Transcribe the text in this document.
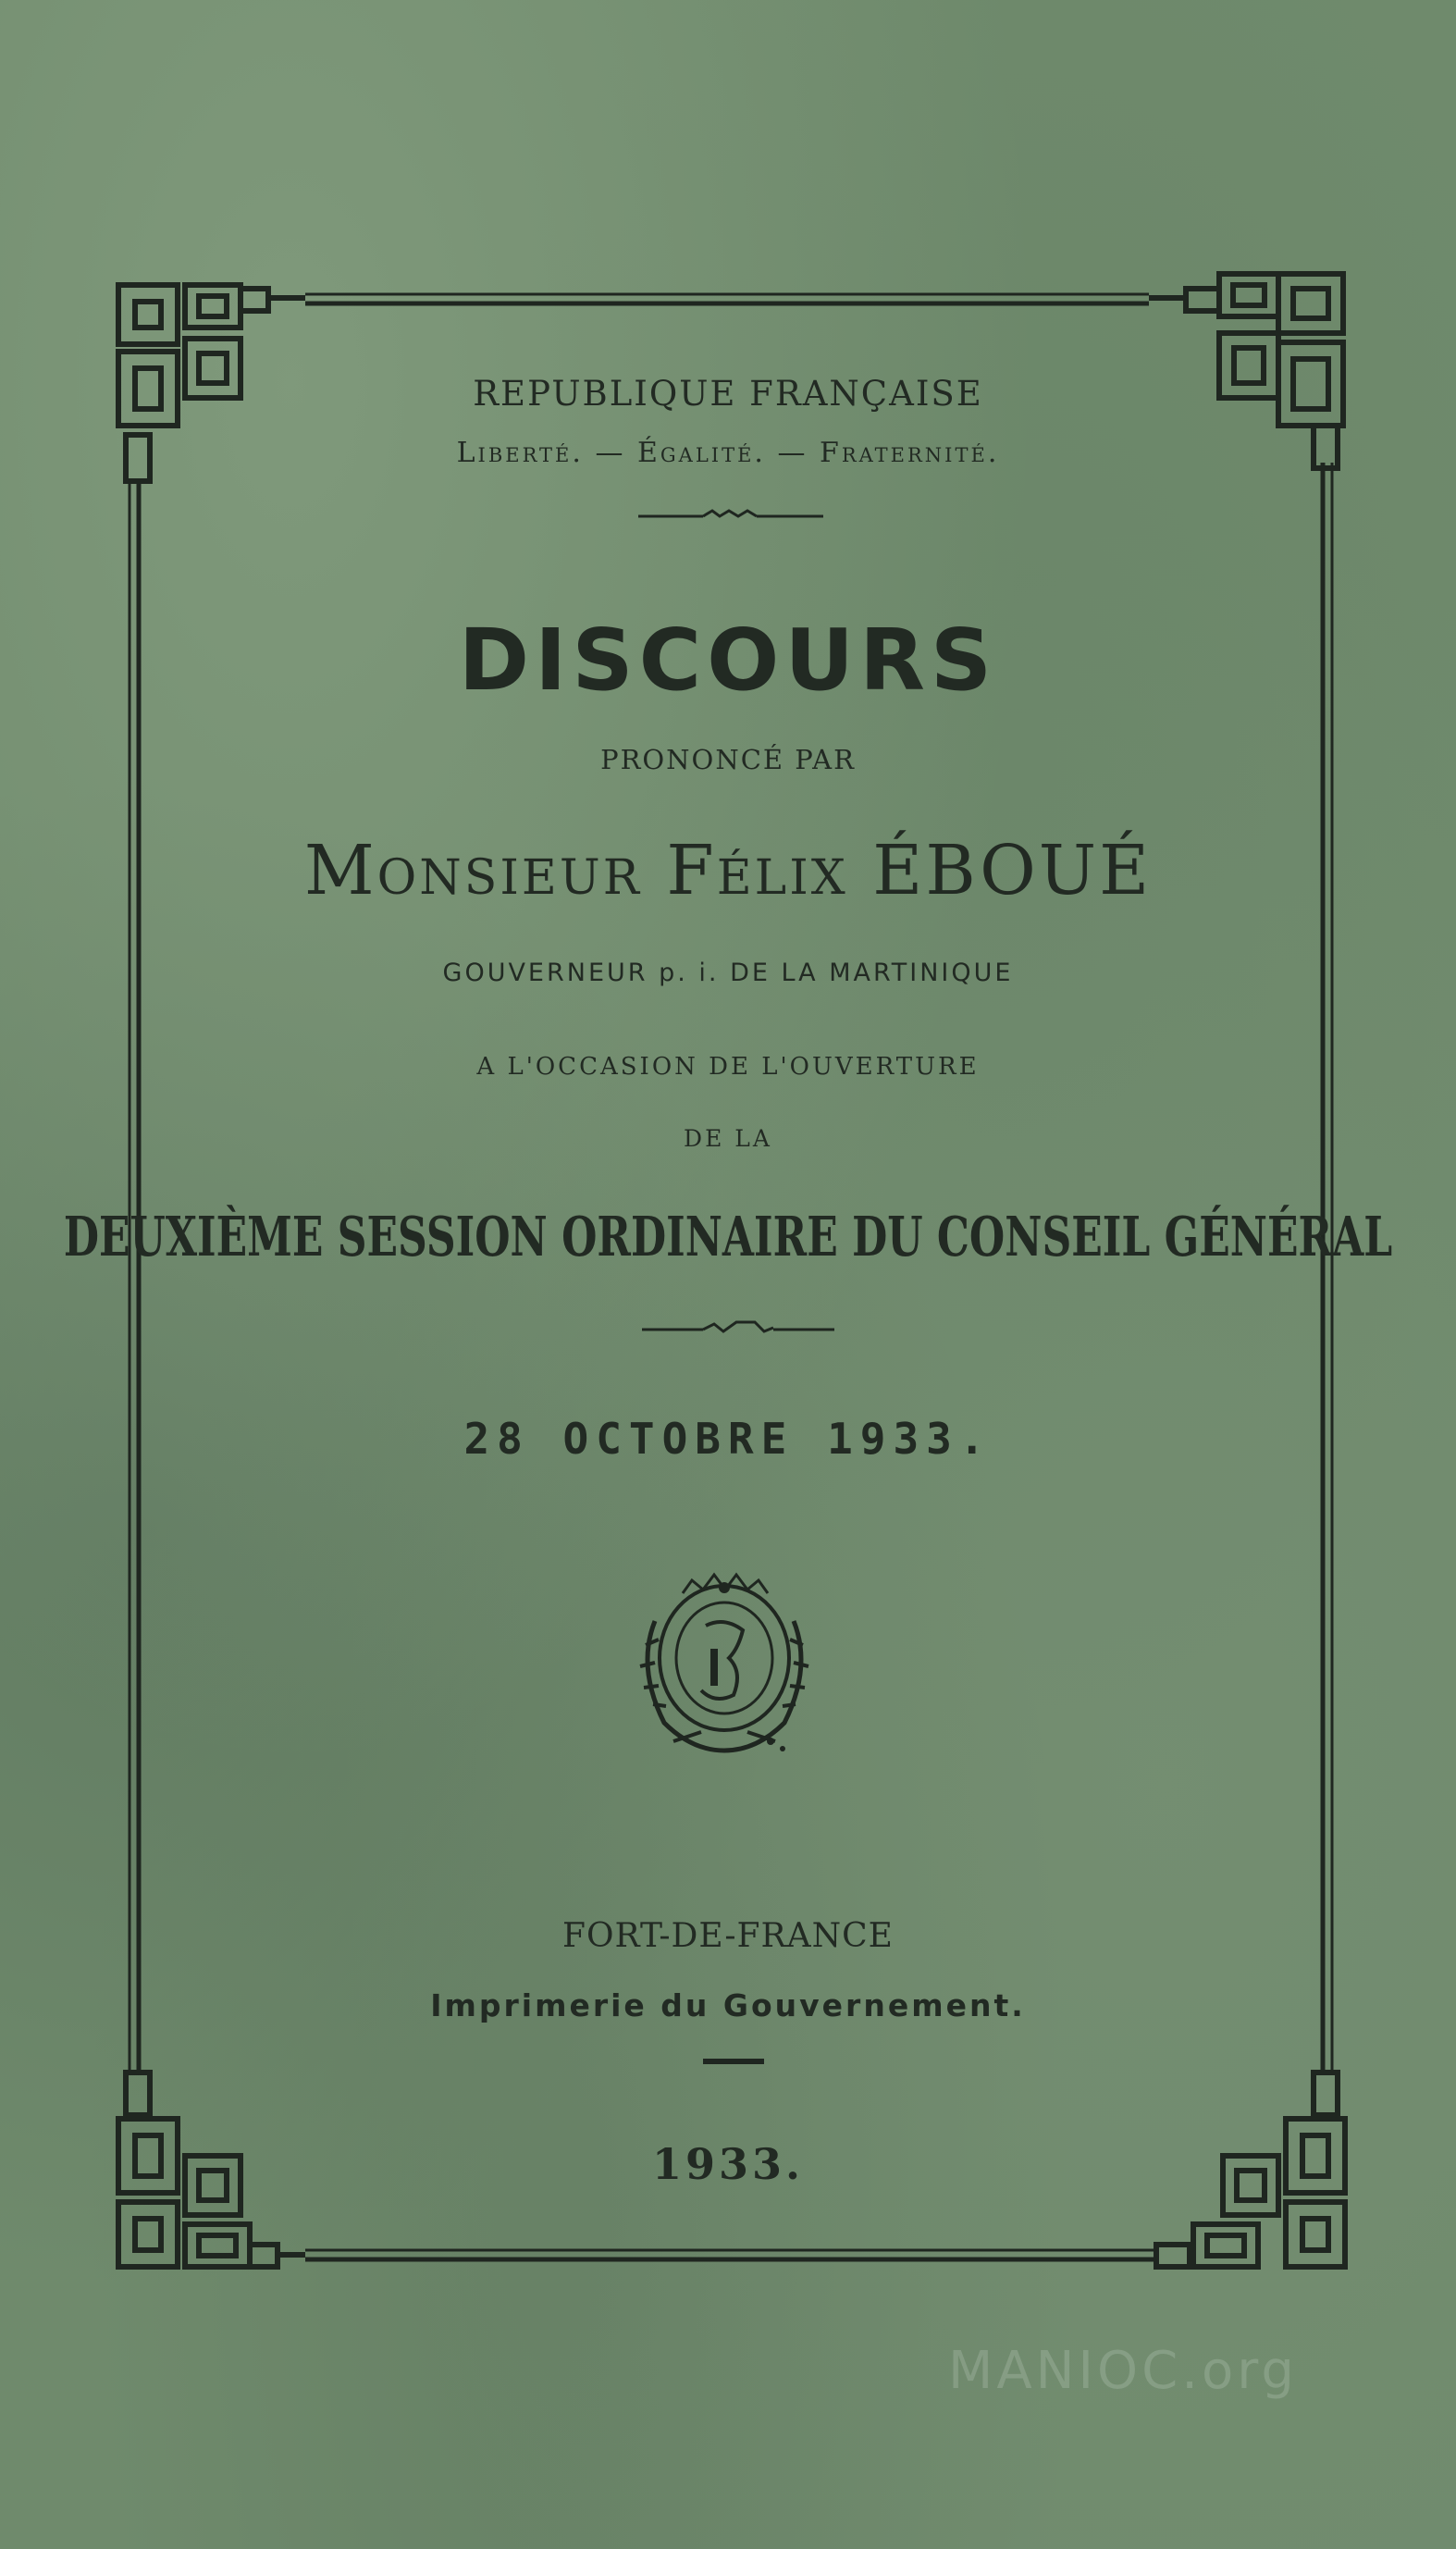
REPUBLIQUE FRANÇAISE
Liberté. — Égalité. — Fraternité.
DISCOURS
PRONONCÉ PAR
Monsieur Félix ÉBOUÉ
GOUVERNEUR p. i. DE LA MARTINIQUE
A L'OCCASION DE L'OUVERTURE
DE LA
DEUXIÈME SESSION ORDINAIRE DU CONSEIL GÉNÉRAL
28 OCTOBRE 1933.
FORT-DE-FRANCE
Imprimerie du Gouvernement.
1933.
MANIOC.org
